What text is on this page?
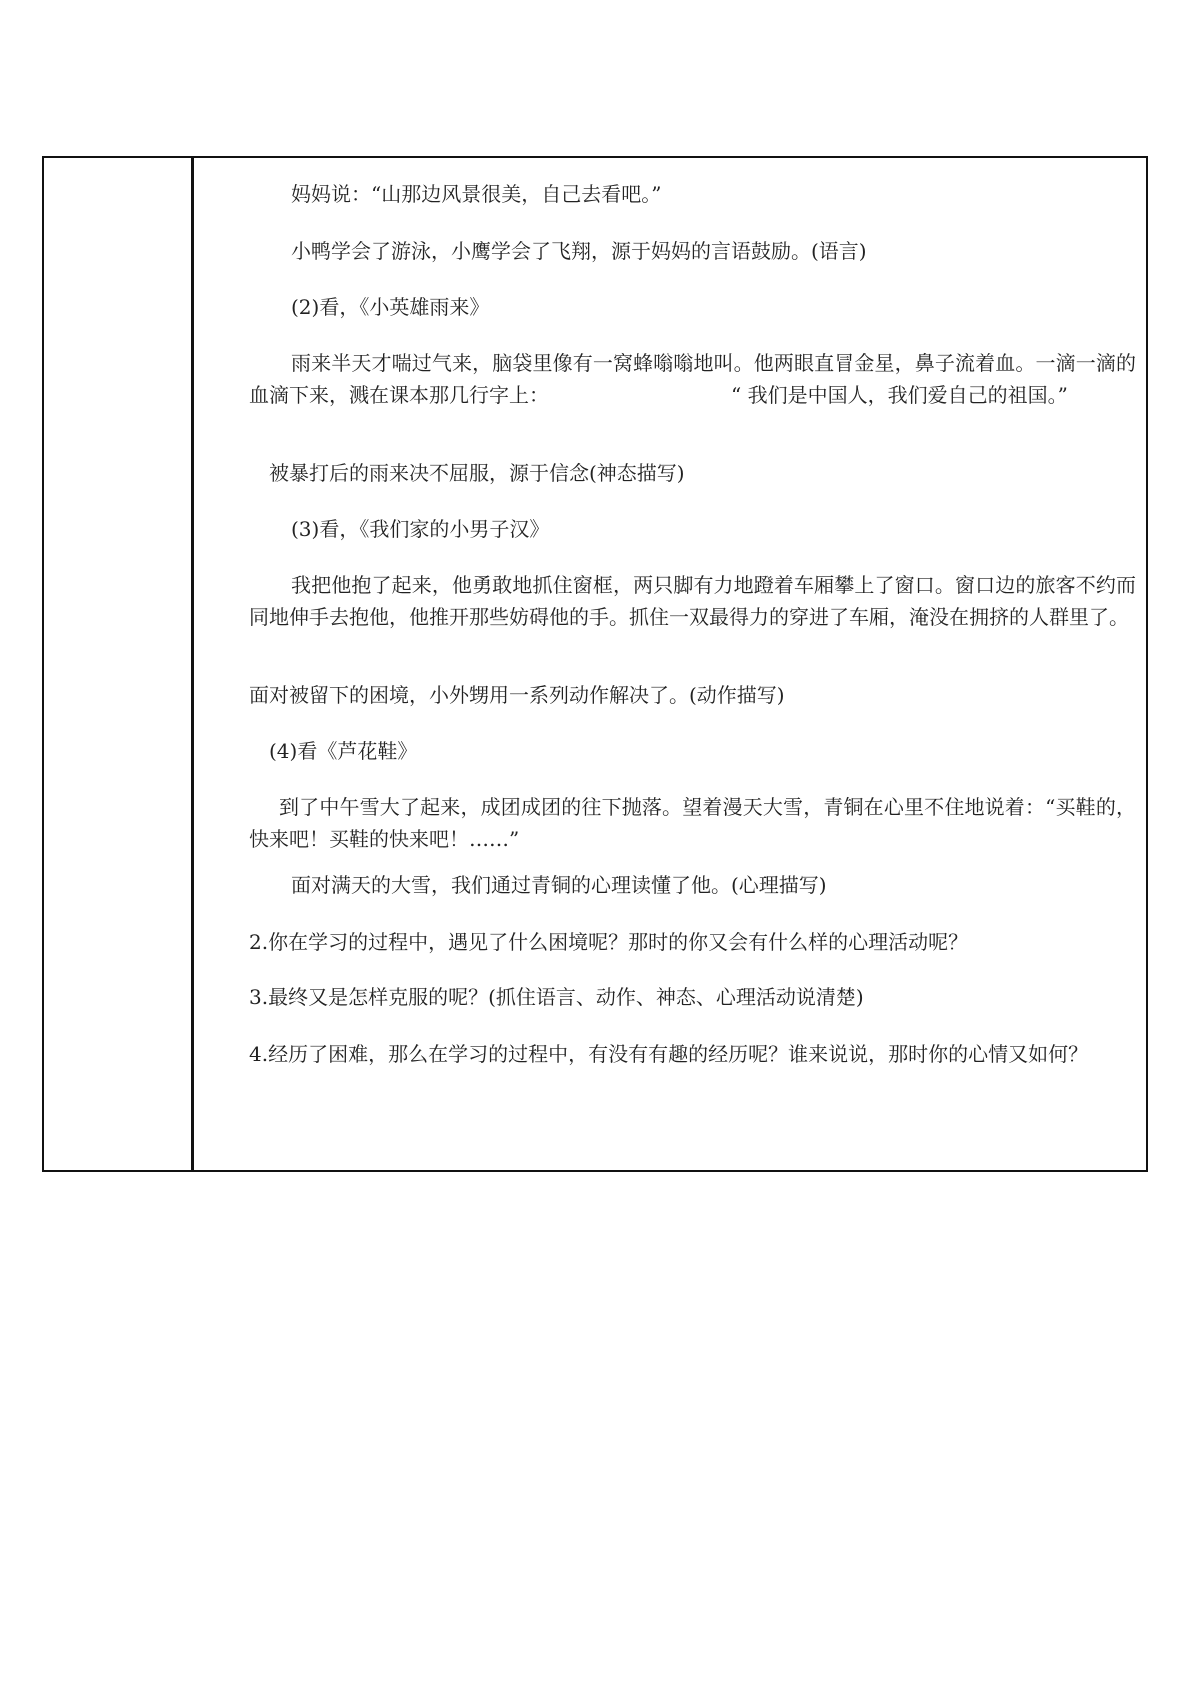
妈妈说：“山那边风景很美，自己去看吧。”

小鸭学会了游泳，小鹰学会了飞翔，源于妈妈的言语鼓励。(语言)

(2)看，《小英雄雨来》

雨来半天才喘过气来，脑袋里像有一窝蜂嗡嗡地叫。他两眼直冒金星，鼻子流着血。一滴一滴的血滴下来，溅在课本那几行字上：	“ 我们是中国人，我们爱自己的祖国。”

被暴打后的雨来决不屈服，源于信念(神态描写)

(3)看，《我们家的小男子汉》

我把他抱了起来，他勇敢地抓住窗框，两只脚有力地蹬着车厢攀上了窗口。窗口边的旅客不约而同地伸手去抱他，他推开那些妨碍他的手。抓住一双最得力的穿进了车厢，淹没在拥挤的人群里了。

面对被留下的困境，小外甥用一系列动作解决了。(动作描写)

(4)看《芦花鞋》

到了中午雪大了起来，成团成团的往下抛落。望着漫天大雪，青铜在心里不住地说着：“买鞋的，快来吧！买鞋的快来吧！……”

面对满天的大雪，我们通过青铜的心理读懂了他。(心理描写)

2.你在学习的过程中，遇见了什么困境呢？那时的你又会有什么样的心理活动呢？

3.最终又是怎样克服的呢？(抓住语言、动作、神态、心理活动说清楚)

4.经历了困难，那么在学习的过程中，有没有有趣的经历呢？谁来说说，那时你的心情又如何？
